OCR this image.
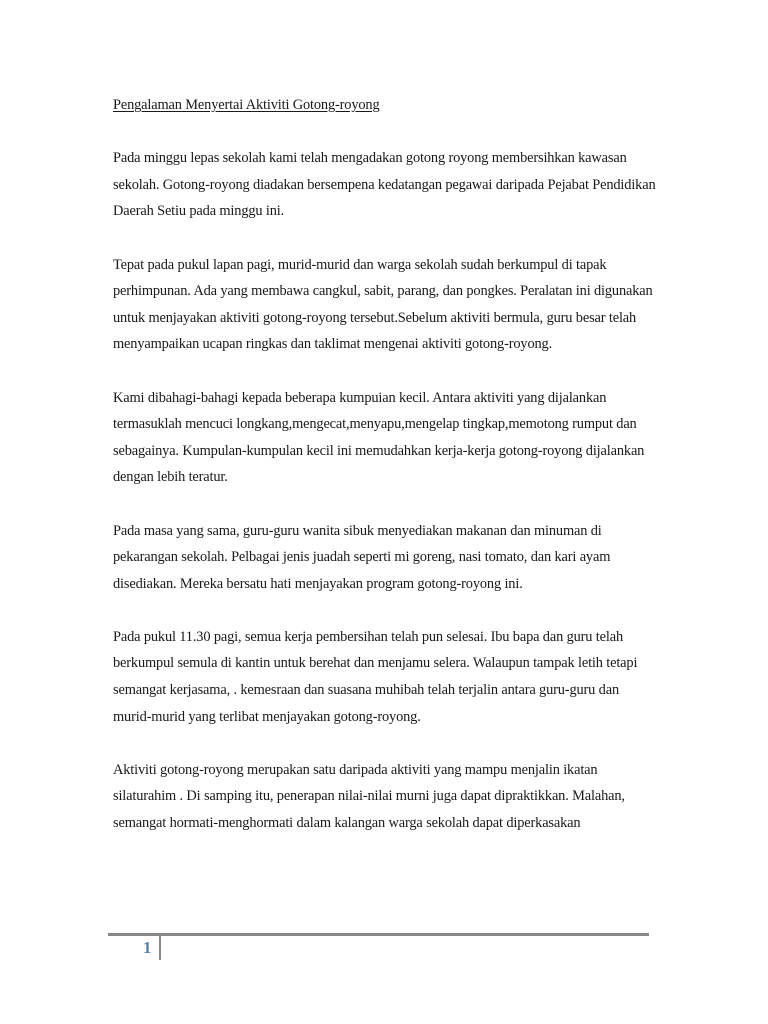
Pengalaman Menyertai Aktiviti Gotong-royong

Pada minggu lepas sekolah kami telah mengadakan gotong royong membersihkan kawasan sekolah. Gotong-royong diadakan bersempena kedatangan pegawai daripada Pejabat Pendidikan Daerah Setiu pada minggu ini.

Tepat pada pukul lapan pagi, murid-murid dan warga sekolah sudah berkumpul di tapak perhimpunan. Ada yang membawa cangkul, sabit, parang, dan pongkes. Peralatan ini digunakan untuk menjayakan aktiviti gotong-royong tersebut.Sebelum aktiviti bermula, guru besar telah menyampaikan ucapan ringkas dan taklimat mengenai aktiviti gotong-royong.

Kami dibahagi-bahagi kepada beberapa kumpuian kecil. Antara aktiviti yang dijalankan termasuklah mencuci longkang,mengecat,menyapu,mengelap tingkap,memotong rumput dan sebagainya. Kumpulan-kumpulan kecil ini memudahkan kerja-kerja gotong-royong dijalankan dengan lebih teratur.

Pada masa yang sama, guru-guru wanita sibuk menyediakan makanan dan minuman di pekarangan sekolah. Pelbagai jenis juadah seperti mi goreng, nasi tomato, dan kari ayam disediakan. Mereka bersatu hati menjayakan program gotong-royong ini.

Pada pukul 11.30 pagi, semua kerja pembersihan telah pun selesai. Ibu bapa dan guru telah berkumpul semula di kantin untuk berehat dan menjamu selera. Walaupun tampak letih tetapi semangat kerjasama, . kemesraan dan suasana muhibah telah terjalin antara guru-guru dan murid-murid yang terlibat menjayakan gotong-royong.

Aktiviti gotong-royong merupakan satu daripada aktiviti yang mampu menjalin ikatan silaturahim . Di samping itu, penerapan nilai-nilai murni juga dapat dipraktikkan. Malahan, semangat hormati-menghormati dalam kalangan warga sekolah dapat diperkasakan

1
